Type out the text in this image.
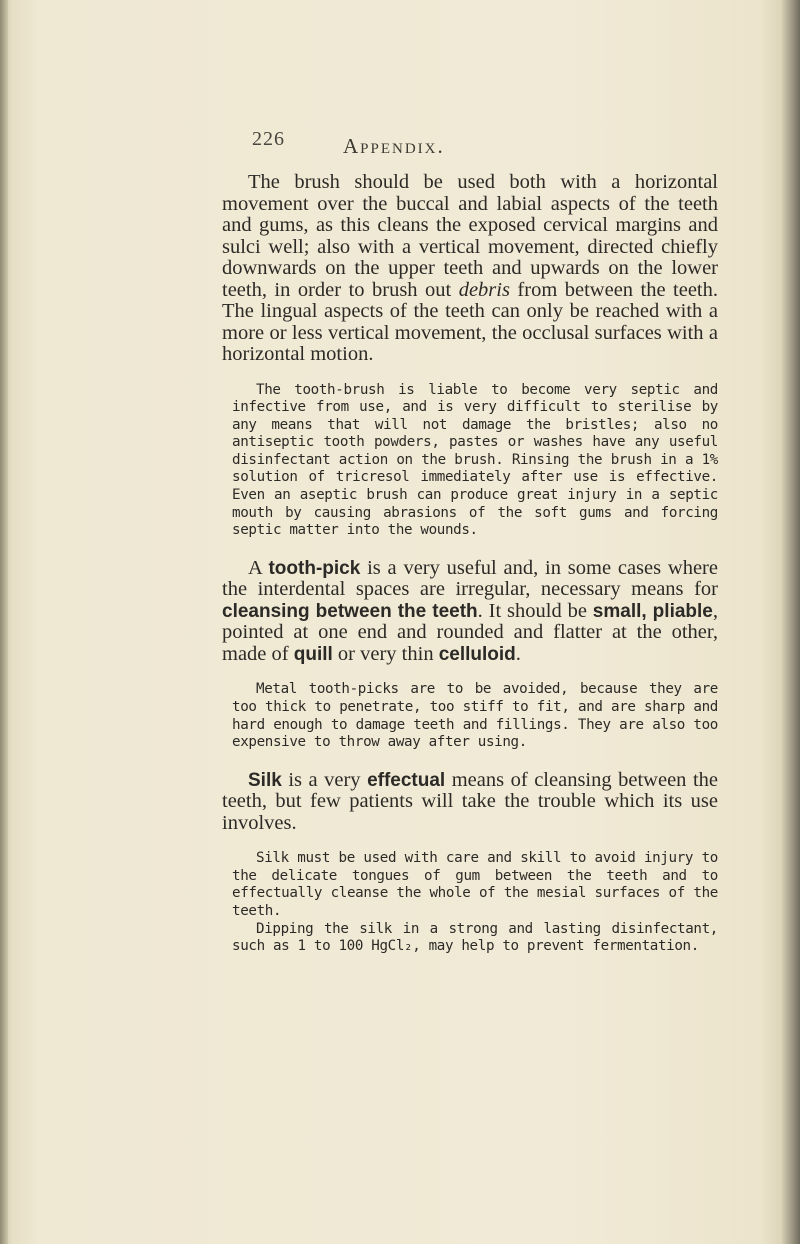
226	Appendix.

The brush should be used both with a horizontal movement over the buccal and labial aspects of the teeth and gums, as this cleans the exposed cervical margins and sulci well; also with a vertical movement, directed chiefly downwards on the upper teeth and upwards on the lower teeth, in order to brush out debris from between the teeth. The lingual aspects of the teeth can only be reached with a more or less vertical movement, the occlusal surfaces with a horizontal motion.

The tooth-brush is liable to become very septic and infective from use, and is very difficult to sterilise by any means that will not damage the bristles; also no antiseptic tooth powders, pastes or washes have any useful disinfectant action on the brush. Rinsing the brush in a 1% solution of tricresol immediately after use is effective. Even an aseptic brush can produce great injury in a septic mouth by causing abrasions of the soft gums and forcing septic matter into the wounds.

A tooth-pick is a very useful and, in some cases where the interdental spaces are irregular, necessary means for cleansing between the teeth. It should be small, pliable, pointed at one end and rounded and flatter at the other, made of quill or very thin celluloid.

Metal tooth-picks are to be avoided, because they are too thick to penetrate, too stiff to fit, and are sharp and hard enough to damage teeth and fillings. They are also too expensive to throw away after using.

Silk is a very effectual means of cleansing between the teeth, but few patients will take the trouble which its use involves.

Silk must be used with care and skill to avoid injury to the delicate tongues of gum between the teeth and to effectually cleanse the whole of the mesial surfaces of the teeth.

Dipping the silk in a strong and lasting disinfectant, such as 1 to 100 HgCl₂, may help to prevent fermentation.
